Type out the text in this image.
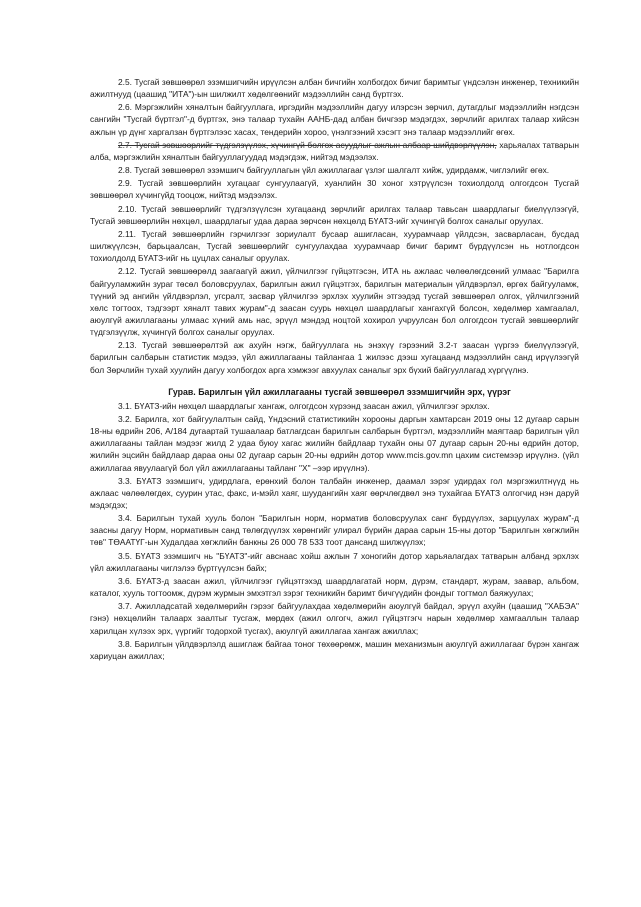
2.5. Тусгай зөвшөөрөл эзэмшигчийн ирүүлсэн албан бичгийн холбогдох бичиг баримтыг үндсэлэн инженер, техникийн ажилтнууд (цаашид "ИТА")-ын шилжилт хөдөлгөөнийг мэдээллийн санд бүртгэх.

2.6. Мэргэжлийн хяналтын байгууллага, иргэдийн мэдээллийн дагуу илэрсэн зөрчил, дутагдлыг мэдээллийн нэгдсэн сангийн "Тусгай бүртгэл"-д бүртгэх, энэ талаар тухайн ААНБ-дад албан бичгээр мэдэгдэх, зөрчлийг арилгах талаар хийсэн ажлын үр дүнг харгалзан бүртгэлээс хасах, тендерийн хороо, үнэлгээний хэсэгт энэ талаар мэдээллийг өгөх.

2.7. Тусгай зөвшөөрлийг түдгэлзүүлэх, хүчингүй болгох асуудлыг ажлын албаар шийдвэрлүүлэн, харьяалах татварын алба, мэргэжлийн хяналтын байгууллагуудад мэдэгдэж, нийтэд мэдээлэх.

2.8. Тусгай зөвшөөрөл эзэмшигч байгууллагын үйл ажиллагааг үзлэг шалгалт хийж, удирдамж, чиглэлийг өгөх.

2.9. Тусгай зөвшөөрлийн хугацааг сунгуулаагүй, хуанлийн 30 хоног хэтрүүлсэн тохиолдолд олгогдсон Тусгай зөвшөөрөл хүчингүйд тооцож, нийтэд мэдээлэх.

2.10. Тусгай зөвшөөрлийг түдгэлзүүлсэн хугацаанд зөрчлийг арилгах талаар тавьсан шаардлагыг биелүүлээгүй, Тусгай зөвшөөрлийн нөхцөл, шаардлагыг удаа дараа зөрчсөн нөхцөлд БҮАТЗ-ийг хүчингүй болгох саналыг оруулах.

2.11. Тусгай зөвшөөрлийн гэрчилгээг зориулалт бусаар ашигласан, хуурамчаар үйлдсэн, засварласан, бусдад шилжүүлсэн, барьцаалсан, Тусгай зөвшөөрлийг сунгуулахдаа хуурамчаар бичиг баримт бүрдүүлсэн нь нотлогдсон тохиолдолд БҮАТЗ-ийг нь цуцлах саналыг оруулах.

2.12. Тусгай зөвшөөрөлд заагаагүй ажил, үйлчилгээг гүйцэтгэсэн, ИТА нь ажлаас чөлөөлөгдсөний улмаас "Барилга байгууламжийн зураг төсөл боловсруулах, барилгын ажил гүйцэтгэх, барилгын материалын үйлдвэрлэл, өргөх байгууламж, түүний эд ангийн үйлдвэрлэл, угсралт, засвар үйлчилгээ эрхлэх хуулийн этгээдэд тусгай зөвшөөрөл олгох, үйлчилгээний хөлс тогтоох, тэдгээрт хяналт тавих журам"-д заасан суурь нөхцөл шаардлагыг хангахгүй болсон, хөдөлмөр хамгаалал, аюулгүй ажиллагааны улмаас хүний амь нас, эрүүл мэндэд ноцтой хохирол учруулсан бол олгогдсон тусгай зөвшөөрлийг түдгэлзүүлж, хүчингүй болгох саналыг оруулах.

2.13. Тусгай зөвшөөрөлтэй аж ахуйн нэгж, байгууллага нь энэхүү гэрээний 3.2-т заасан үүргээ биелүүлээгүй, барилгын салбарын статистик мэдээ, үйл ажиллагааны тайлангаа 1 жилээс дээш хугацаанд мэдээллийн санд ирүүлээгүй бол Зөрчлийн тухай хуулийн дагуу холбогдох арга хэмжээг авхуулах саналыг эрх бүхий байгууллагад хүргүүлнэ.

Гурав. Барилгын үйл ажиллагааны тусгай зөвшөөрөл эзэмшигчийн эрх, үүрэг

3.1. БҮАТЗ-ийн нөхцөл шаардлагыг хангаж, олгогдсон хүрээнд заасан ажил, үйлчилгээг эрхлэх.

3.2. Барилга, хот байгуулалтын сайд, Үндэсний статистикийн хорооны даргын хамтарсан 2019 оны 12 дугаар сарын 18-ны өдрийн 206, А/184 дугаартай тушаалаар батлагдсан барилгын салбарын бүртгэл, мэдээллийн маягтаар барилгын үйл ажиллагааны тайлан мэдээг жилд 2 удаа буюу хагас жилийн байдлаар тухайн оны 07 дугаар сарын 20-ны өдрийн дотор, жилийн эцсийн байдлаар дараа оны 02 дугаар сарын 20-ны өдрийн дотор www.mcis.gov.mn цахим системээр ирүүлнэ. (үйл ажиллагаа явуулаагүй бол үйл ажиллагааны тайланг "Х" –ээр ирүүлнэ).

3.3. БҮАТЗ эзэмшигч, удирдлага, ерөнхий болон талбайн инженер, даамал зэрэг удирдах гол мэргэжилтнүүд нь ажлаас чөлөөлөгдөх, суурин утас, факс, и-мэйл хаяг, шуудангийн хаяг өөрчлөгдвөл энэ тухайгаа БҮАТЗ олгогчид нэн даруй мэдэгдэх;

3.4. Барилгын тухай хууль болон "Барилгын норм, норматив боловсруулах санг бүрдүүлэх, зарцуулах журам"-д заасны дагуу Норм, нормативын санд төлөгдүүлэх хөрөнгийг улирал бүрийн дараа сарын 15-ны дотор "Барилгын хөгжлийн төв" ТӨААТҮГ-ын Худалдаа хөгжлийн банкны 26 000 78 533 тоот дансанд шилжүүлэх;

3.5. БҮАТЗ эзэмшигч нь "БҮАТЗ"-ийг авснаас хойш ажлын 7 хоногийн дотор харьяалагдах татварын албанд эрхлэх үйл ажиллагааны чиглэлээ бүртгүүлсэн байх;

3.6. БҮАТЗ-д заасан ажил, үйлчилгээг гүйцэтгэхэд шаардлагатай норм, дүрэм, стандарт, журам, заавар, альбом, каталог, хууль тогтоомж, дүрэм журмын эмхэтгэл зэрэг техникийн баримт бичгүүдийн фондыг тогтмол баяжуулах;

3.7. Ажилладсатай хөдөлмөрийн гэрээг байгуулахдаа хөдөлмөрийн аюулгүй байдал, эрүүл ахуйн (цаашид "ХАБЭА" гэнэ) нөхцөлийн талаарх заалтыг тусгаж, мөрдөх (ажил олгогч, ажил гүйцэтгэгч нарын хөдөлмөр хамгааллын талаар харилцан хүлээх эрх, үүргийг тодорхой тусгах), аюулгүй ажиллагаа хангаж ажиллах;

3.8. Барилгын үйлдвэрлэлд ашиглаж байгаа тоног төхөөрөмж, машин механизмын аюулгүй ажиллагааг бүрэн хангаж хариуцан ажиллах;
